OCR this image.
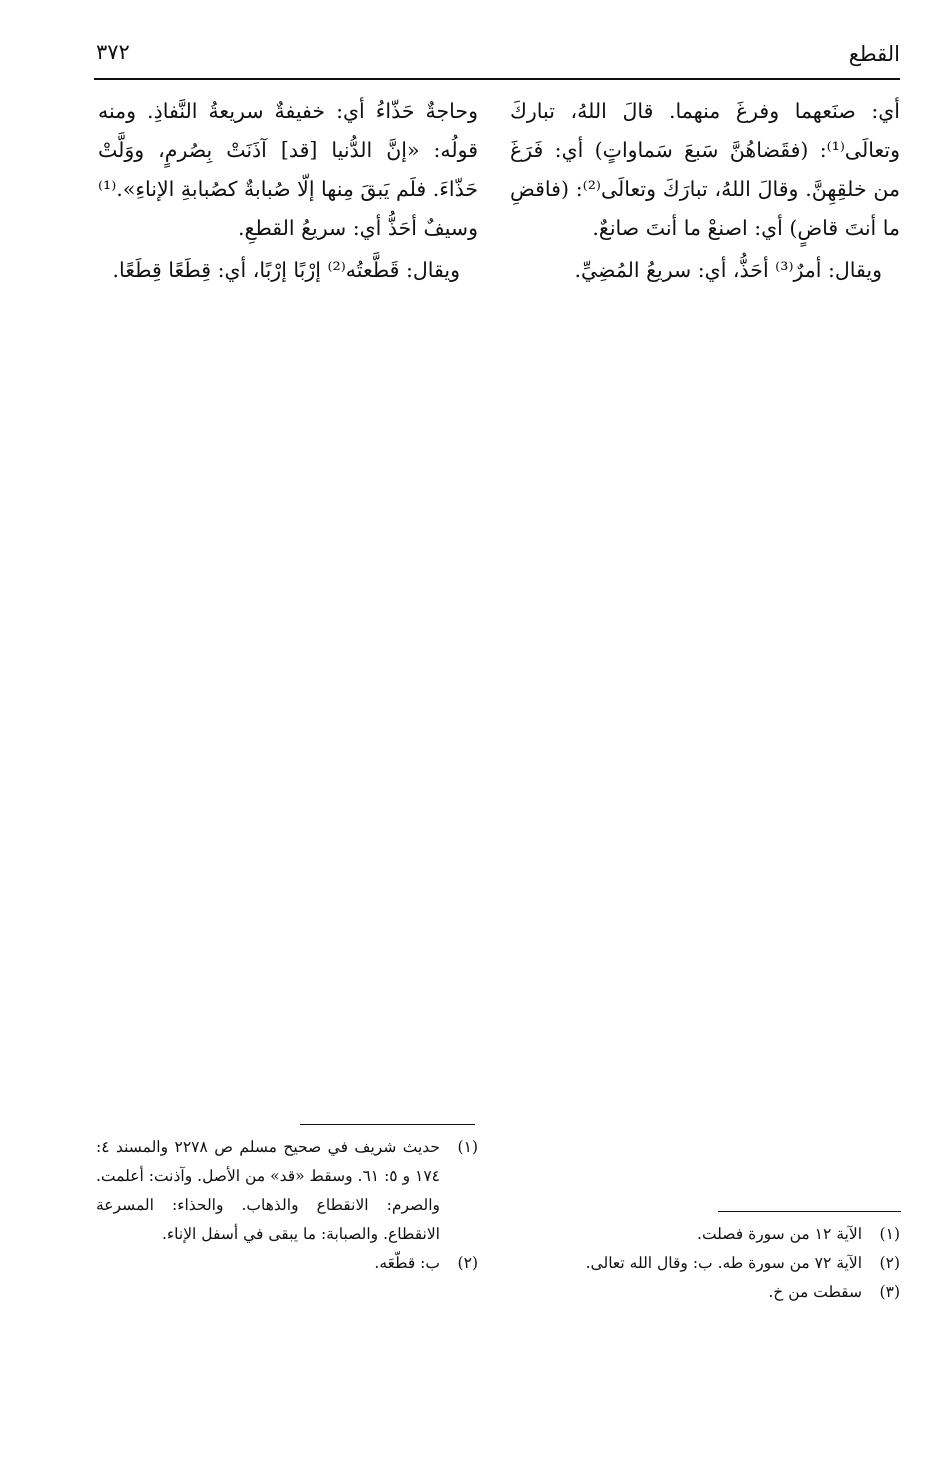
القطع
٣٧٢

أي: صنَعهما وفرغَ منهما. قالَ اللهُ، تباركَ وتعالَى⁽¹⁾: (فقَضاهُنَّ سَبعَ سَماواتٍ) أي: فَرَغَ من خلقِهِنَّ. وقالَ اللهُ، تبارَكَ وتعالَى⁽²⁾: (فاقضِ ما أنتَ قاضٍ) أي: اصنعْ ما أنتَ صانعٌ.

ويقال: أمرٌ⁽³⁾ أحَذُّ، أي: سريعُ المُضِيِّ.

وحاجةٌ حَذّاءُ أي: خفيفةٌ سريعةُ النَّفاذِ. ومنه قولُه: «إنَّ الدُّنيا [قد] آذَنَتْ بِصُرمٍ، ووَلَّتْ حَذّاءَ. فلَم يَبقَ مِنها إلّا صُبابةٌ كصُبابةِ الإناءِ».⁽¹⁾ وسيفٌ أحَذُّ أي: سريعُ القطعِ.

ويقال: قَطَّعتُه⁽²⁾ إرْبًا إرْبًا، أي: قِطَعًا قِطَعًا.

(١)
حديث شريف في صحيح مسلم ص ٢٢٧٨ والمسند ٤: ١٧٤ و ٥: ٦١. وسقط «قد» من الأصل. وآذنت: أعلمت. والصرم: الانقطاع والذهاب. والحذاء: المسرعة الانقطاع. والصبابة: ما يبقى في أسفل الإناء.
(٢)
ب: قطّعَه.
(١)
الآية ١٢ من سورة فصلت.
(٢)
الآية ٧٢ من سورة طه. ب: وقال الله تعالى.
(٣)
سقطت من خ.
